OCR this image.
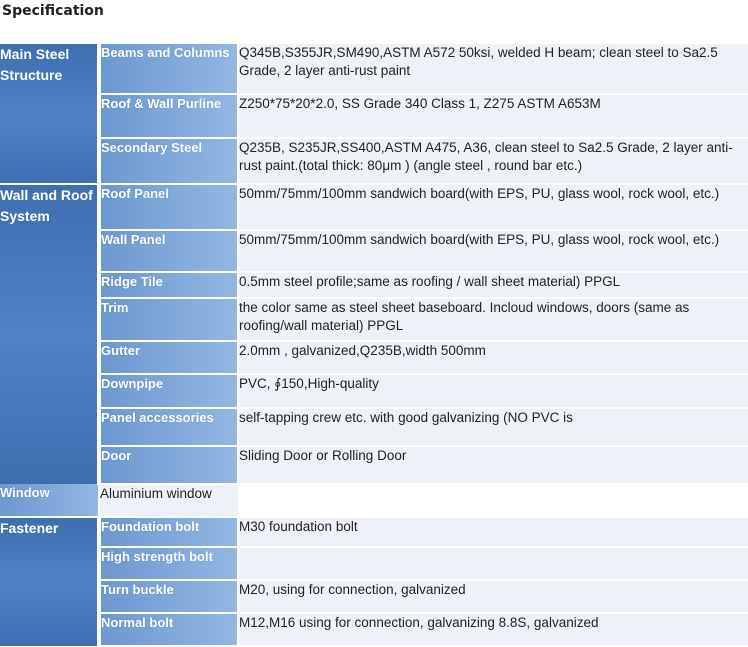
Specification
Main Steel Structure	Beams and Columns	Q345B,S355JR,SM490,ASTM A572 50ksi, welded H beam; clean steel to Sa2.5 Grade, 2 layer anti-rust paint
	Roof & Wall Purline	Z250*75*20*2.0, SS Grade 340 Class 1, Z275 ASTM A653M
	Secondary Steel	Q235B, S235JR,SS400,ASTM A475, A36, clean steel to Sa2.5 Grade, 2 layer anti-rust paint.(total thick: 80μm ) (angle steel , round bar etc.)
Wall and Roof System	Roof Panel	50mm/75mm/100mm sandwich board(with EPS, PU, glass wool, rock wool, etc.)
	Wall Panel	50mm/75mm/100mm sandwich board(with EPS, PU, glass wool, rock wool, etc.)
	Ridge Tile	0.5mm steel profile;same as roofing / wall sheet material) PPGL
	Trim	the color same as steel sheet baseboard. Incloud windows, doors (same as roofing/wall material) PPGL
	Gutter	2.0mm , galvanized,Q235B,width 500mm
	Downpipe	PVC, ∮150,High-quality
	Panel accessories	self-tapping crew etc. with good galvanizing (NO PVC is
	Door	Sliding Door or Rolling Door
Window	Aluminium window	
Fastener	Foundation bolt	M30 foundation bolt
	High strength bolt	
	Turn buckle	M20, using for connection, galvanized
	Normal bolt	M12,M16 using for connection, galvanizing 8.8S, galvanized
